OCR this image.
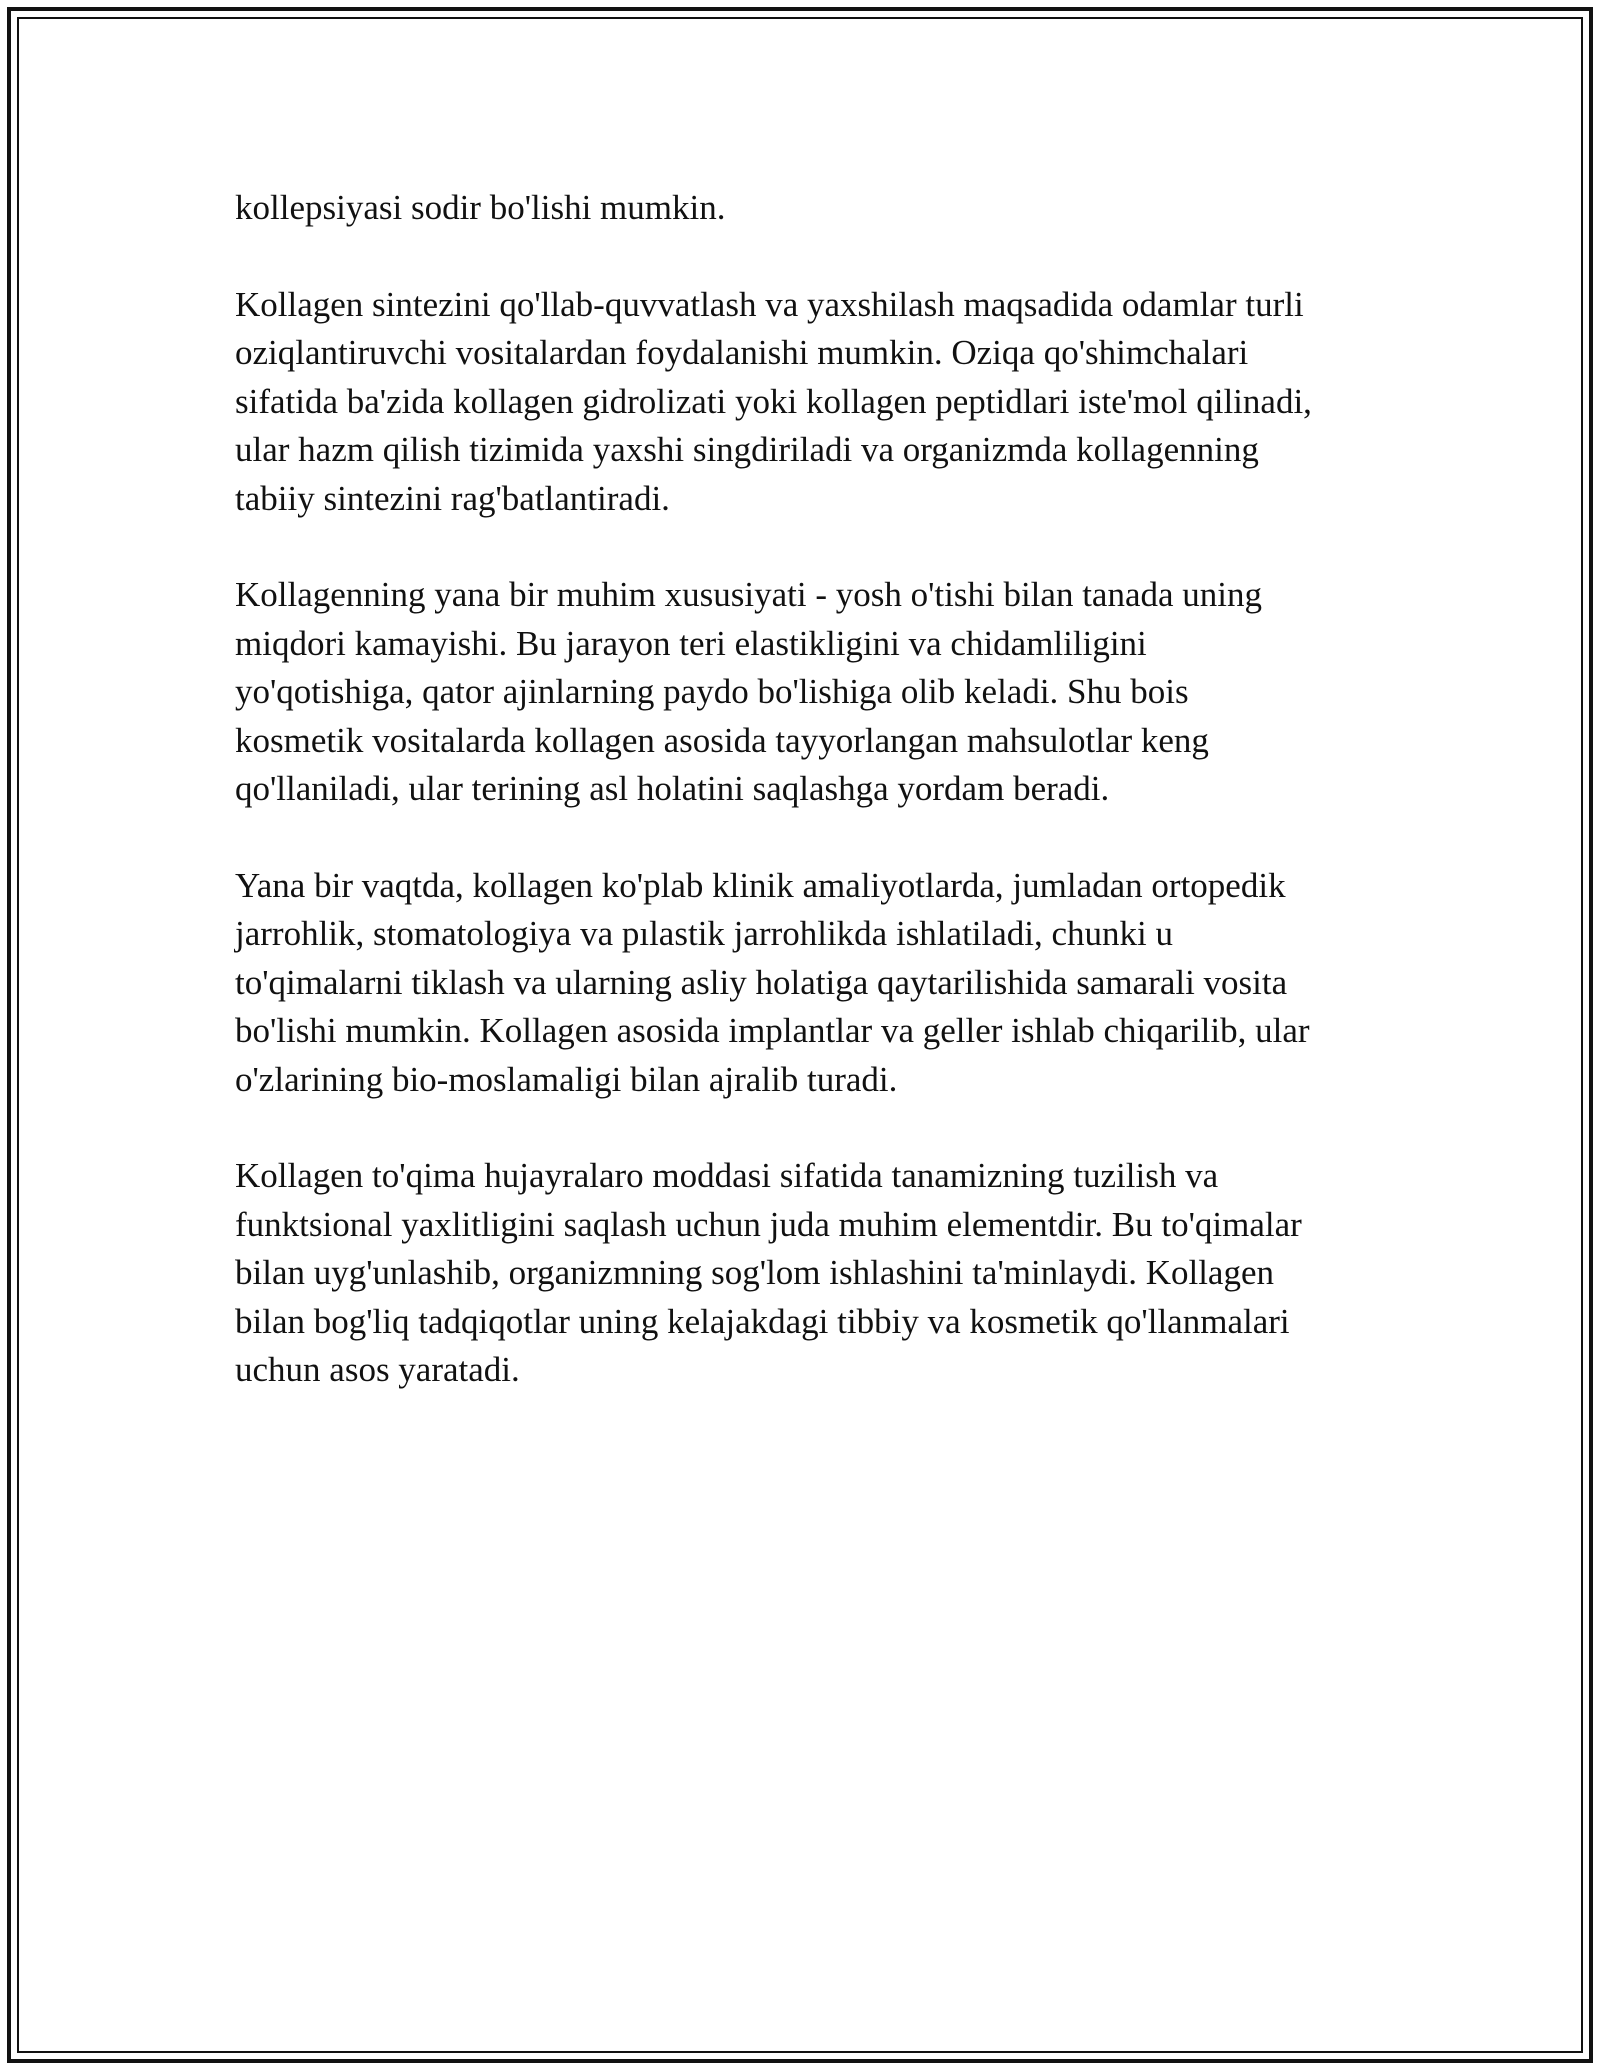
kollepsiyasi sodir bo'lishi mumkin.

Kollagen sintezini qo'llab-quvvatlash va yaxshilash maqsadida odamlar turli
oziqlantiruvchi vositalardan foydalanishi mumkin. Oziqa qo'shimchalari
sifatida ba'zida kollagen gidrolizati yoki kollagen peptidlari iste'mol qilinadi,
ular hazm qilish tizimida yaxshi singdiriladi va organizmda kollagenning
tabiiy sintezini rag'batlantiradi.

Kollagenning yana bir muhim xususiyati - yosh o'tishi bilan tanada uning
miqdori kamayishi. Bu jarayon teri elastikligini va chidamliligini
yo'qotishiga, qator ajinlarning paydo bo'lishiga olib keladi. Shu bois
kosmetik vositalarda kollagen asosida tayyorlangan mahsulotlar keng
qo'llaniladi, ular terining asl holatini saqlashga yordam beradi.

Yana bir vaqtda, kollagen ko'plab klinik amaliyotlarda, jumladan ortopedik
jarrohlik, stomatologiya va pılastik jarrohlikda ishlatiladi, chunki u
to'qimalarni tiklash va ularning asliy holatiga qaytarilishida samarali vosita
bo'lishi mumkin. Kollagen asosida implantlar va geller ishlab chiqarilib, ular
o'zlarining bio-moslamaligi bilan ajralib turadi.

Kollagen to'qima hujayralaro moddasi sifatida tanamizning tuzilish va
funktsional yaxlitligini saqlash uchun juda muhim elementdir. Bu to'qimalar
bilan uyg'unlashib, organizmning sog'lom ishlashini ta'minlaydi. Kollagen
bilan bog'liq tadqiqotlar uning kelajakdagi tibbiy va kosmetik qo'llanmalari
uchun asos yaratadi.
